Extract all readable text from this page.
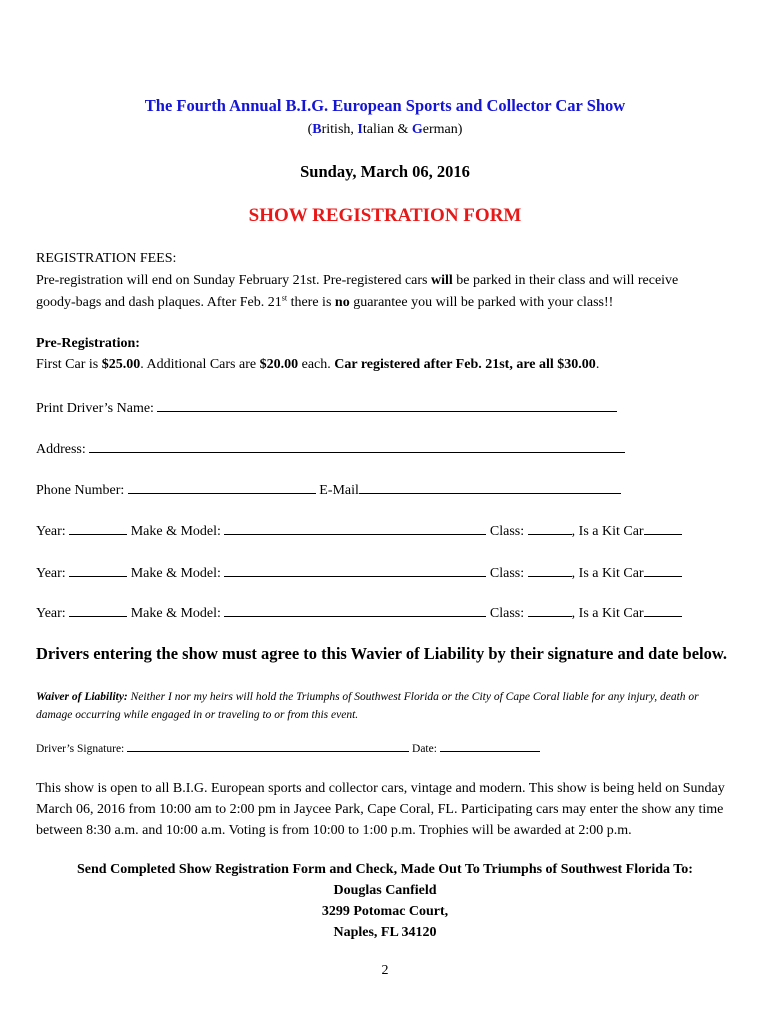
The Fourth Annual B.I.G. European Sports and Collector Car Show
(British, Italian & German)
Sunday, March 06, 2016
SHOW REGISTRATION FORM
REGISTRATION FEES:
Pre-registration will end on Sunday February 21st. Pre-registered cars will be parked in their class and will receive
goody-bags and dash plaques. After Feb. 21st there is no guarantee you will be parked with your class!!
Pre-Registration:
First Car is $25.00. Additional Cars are $20.00 each. Car registered after Feb. 21st, are all $30.00.
Print Driver’s Name:
Address:
Phone Number:	E-Mail
Year:	Make & Model:	Class:	, Is a Kit Car
Year:	Make & Model:	Class:	, Is a Kit Car
Year:	Make & Model:	Class:	, Is a Kit Car
Drivers entering the show must agree to this Wavier of Liability by their signature and date below.
Waiver of Liability: Neither I nor my heirs will hold the Triumphs of Southwest Florida or the City of Cape Coral liable for any injury, death or damage occurring while engaged in or traveling to or from this event.
Driver’s Signature:	Date:
This show is open to all B.I.G. European sports and collector cars, vintage and modern. This show is being held on Sunday March 06, 2016 from 10:00 am to 2:00 pm in Jaycee Park, Cape Coral, FL. Participating cars may enter the show any time between 8:30 a.m. and 10:00 a.m. Voting is from 10:00 to 1:00 p.m. Trophies will be awarded at 2:00 p.m.
Send Completed Show Registration Form and Check, Made Out To Triumphs of Southwest Florida To:
Douglas Canfield
3299 Potomac Court,
Naples, FL 34120
2
